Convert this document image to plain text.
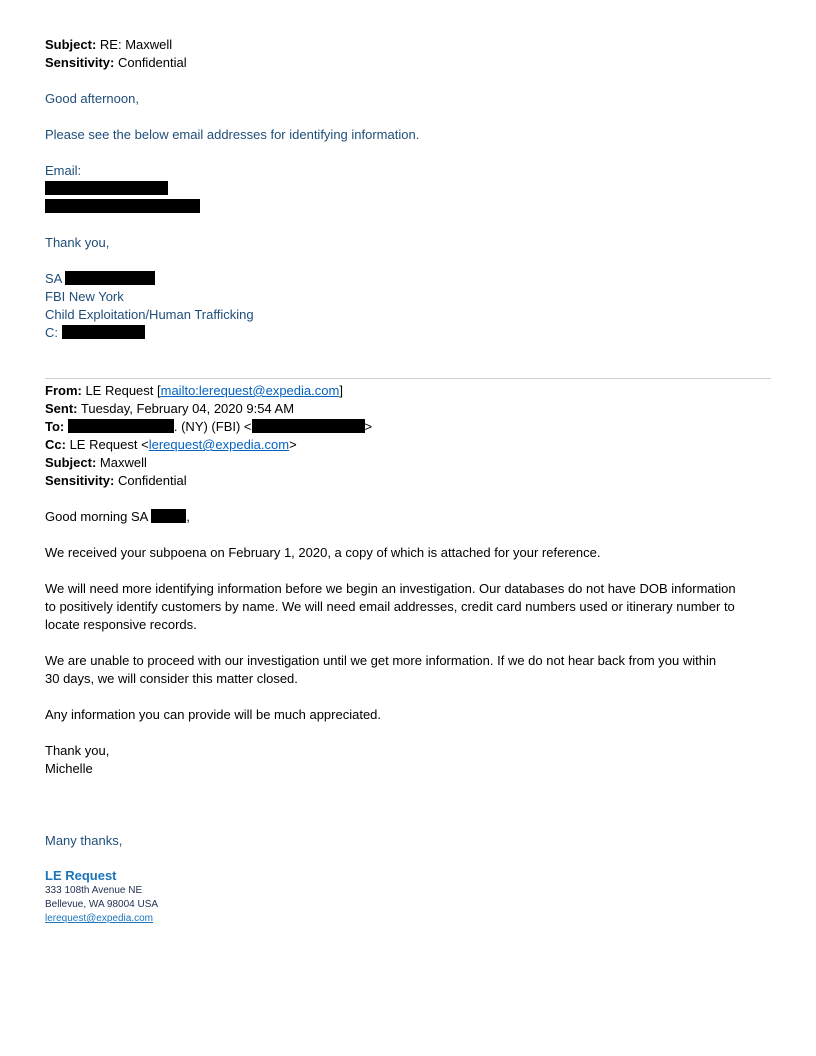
Subject: RE: Maxwell
Sensitivity: Confidential
Good afternoon,
Please see the below email addresses for identifying information.
Email:
Thank you,
SA
FBI New York
Child Exploitation/Human Trafficking
C:
From: LE Request [mailto:lerequest@expedia.com]
Sent: Tuesday, February 04, 2020 9:54 AM
To:	. (NY) (FBI) <	>
Cc: LE Request <lerequest@expedia.com>
Subject: Maxwell
Sensitivity: Confidential
Good morning SA	,
We received your subpoena on February 1, 2020, a copy of which is attached for your reference.
We will need more identifying information before we begin an investigation. Our databases do not have DOB information
to positively identify customers by name. We will need email addresses, credit card numbers used or itinerary number to
locate responsive records.
We are unable to proceed with our investigation until we get more information. If we do not hear back from you within
30 days, we will consider this matter closed.
Any information you can provide will be much appreciated.
Thank you,
Michelle
Many thanks,
LE Request
333 108th Avenue NE
Bellevue, WA 98004 USA
lerequest@expedia.com
